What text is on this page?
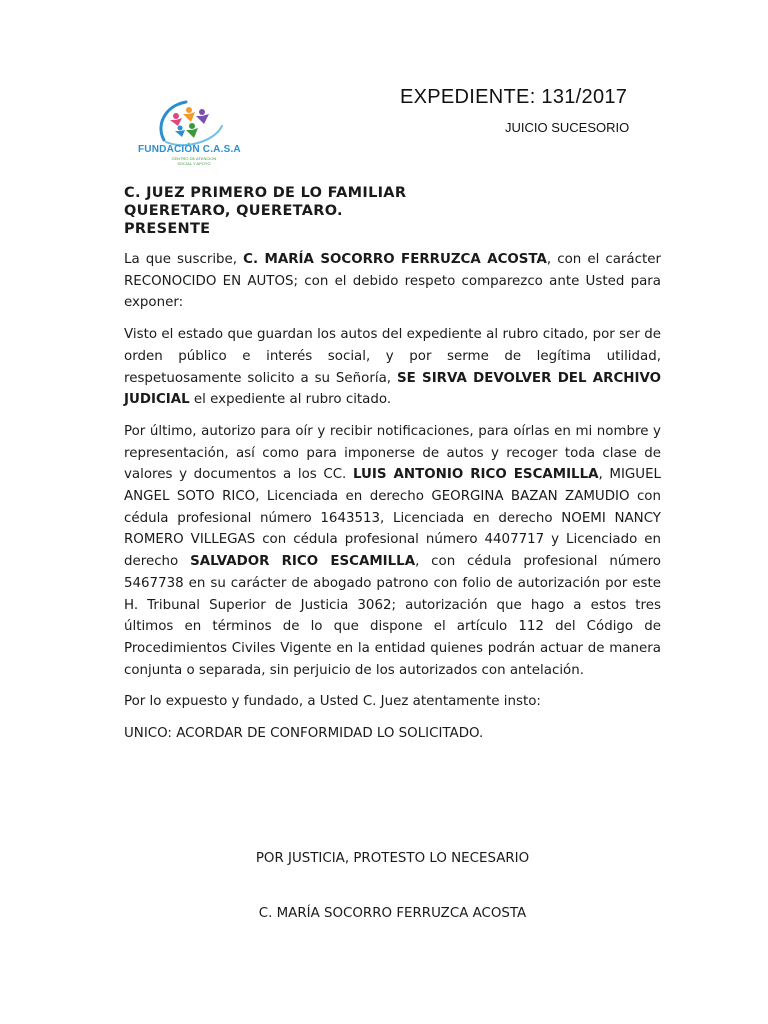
FUNDACIÓN C.A.S.A
CENTRO DE ATENCION SOCIAL Y APOYO
EXPEDIENTE: 131/2017
JUICIO SUCESORIO
C. JUEZ PRIMERO DE LO FAMILIAR
QUERETARO, QUERETARO.
PRESENTE

La que suscribe, C. MARÍA SOCORRO FERRUZCA ACOSTA, con el carácter RECONOCIDO EN AUTOS; con el debido respeto comparezco ante Usted para exponer:

Visto el estado que guardan los autos del expediente al rubro citado, por ser de orden público e interés social, y por serme de legítima utilidad, respetuosamente solicito a su Señoría, SE SIRVA DEVOLVER DEL ARCHIVO JUDICIAL el expediente al rubro citado.

Por último, autorizo para oír y recibir notificaciones, para oírlas en mi nombre y representación, así como para imponerse de autos y recoger toda clase de valores y documentos a los CC. LUIS ANTONIO RICO ESCAMILLA, MIGUEL ANGEL SOTO RICO, Licenciada en derecho GEORGINA BAZAN ZAMUDIO con cédula profesional número 1643513, Licenciada en derecho NOEMI NANCY ROMERO VILLEGAS con cédula profesional número 4407717 y Licenciado en derecho SALVADOR RICO ESCAMILLA, con cédula profesional número 5467738 en su carácter de abogado patrono con folio de autorización por este H. Tribunal Superior de Justicia 3062; autorización que hago a estos tres últimos en términos de lo que dispone el artículo 112 del Código de Procedimientos Civiles Vigente en la entidad quienes podrán actuar de manera conjunta o separada, sin perjuicio de los autorizados con antelación.

Por lo expuesto y fundado, a Usted C. Juez atentamente insto:

UNICO: ACORDAR DE CONFORMIDAD LO SOLICITADO.

POR JUSTICIA, PROTESTO LO NECESARIO
C. MARÍA SOCORRO FERRUZCA ACOSTA
